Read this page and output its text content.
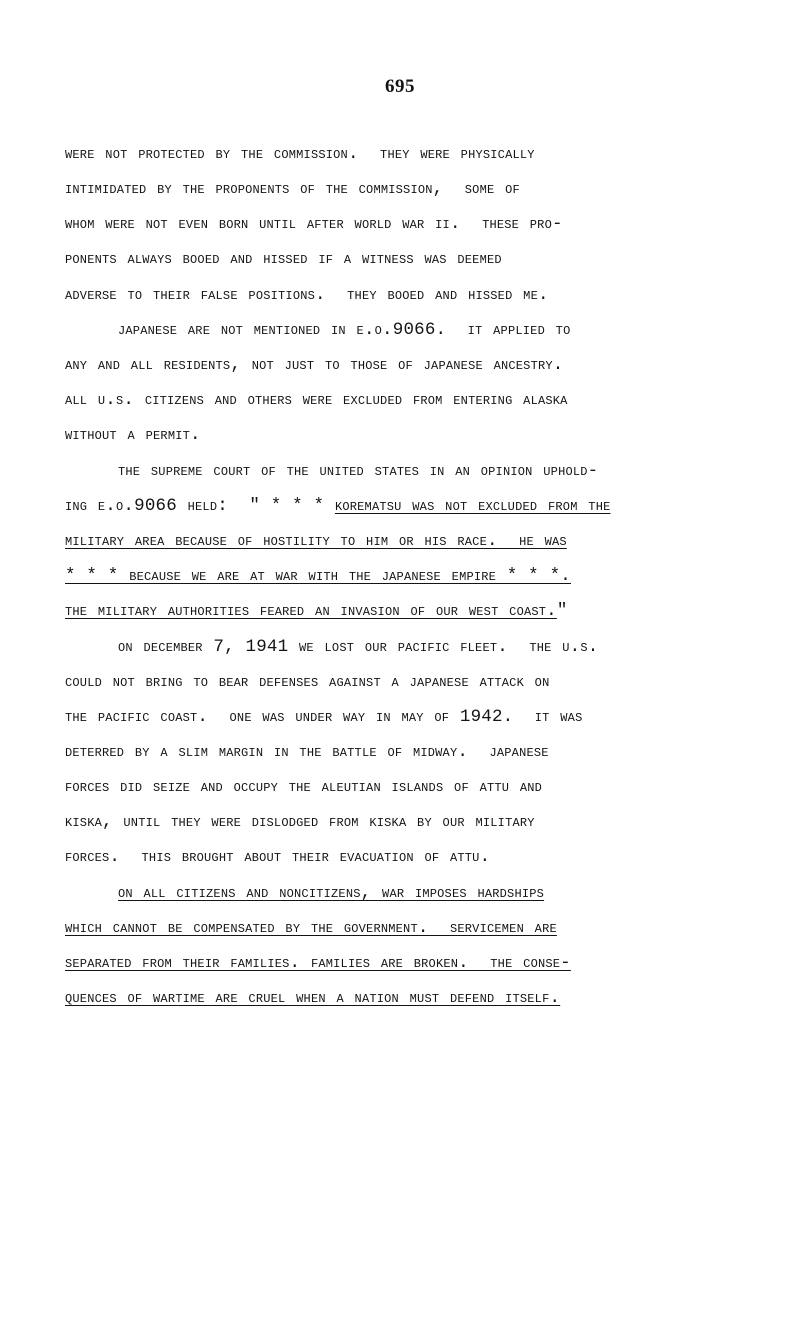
695
were not protected by the commission.  they were physically
intimidated by the proponents of the commission,  some of
whom were not even born until after world war ii.  these pro-
ponents always booed and hissed if a witness was deemed
adverse to their false positions.  they booed and hissed me.
japanese are not mentioned in e.o.9066.  it applied to
any and all residents, not just to those of japanese ancestry.
all u.s. citizens and others were excluded from entering alaska
without a permit.
the supreme court of the united states in an opinion uphold-
ing e.o.9066 held:  " * * * korematsu was not excluded from the
military area because of hostility to him or his race.  he was
* * * because we are at war with the japanese empire * * *.
the military authorities feared an invasion of our west coast."
on december 7, 1941 we lost our pacific fleet.  the u.s.
could not bring to bear defenses against a japanese attack on
the pacific coast.  one was under way in may of 1942.  it was
deterred by a slim margin in the battle of midway.  japanese
forces did seize and occupy the aleutian islands of attu and
kiska, until they were dislodged from kiska by our military
forces.  this brought about their evacuation of attu.
on all citizens and noncitizens, war imposes hardships
which cannot be compensated by the government.  servicemen are
separated from their families. families are broken.  the conse-
quences of wartime are cruel when a nation must defend itself.
